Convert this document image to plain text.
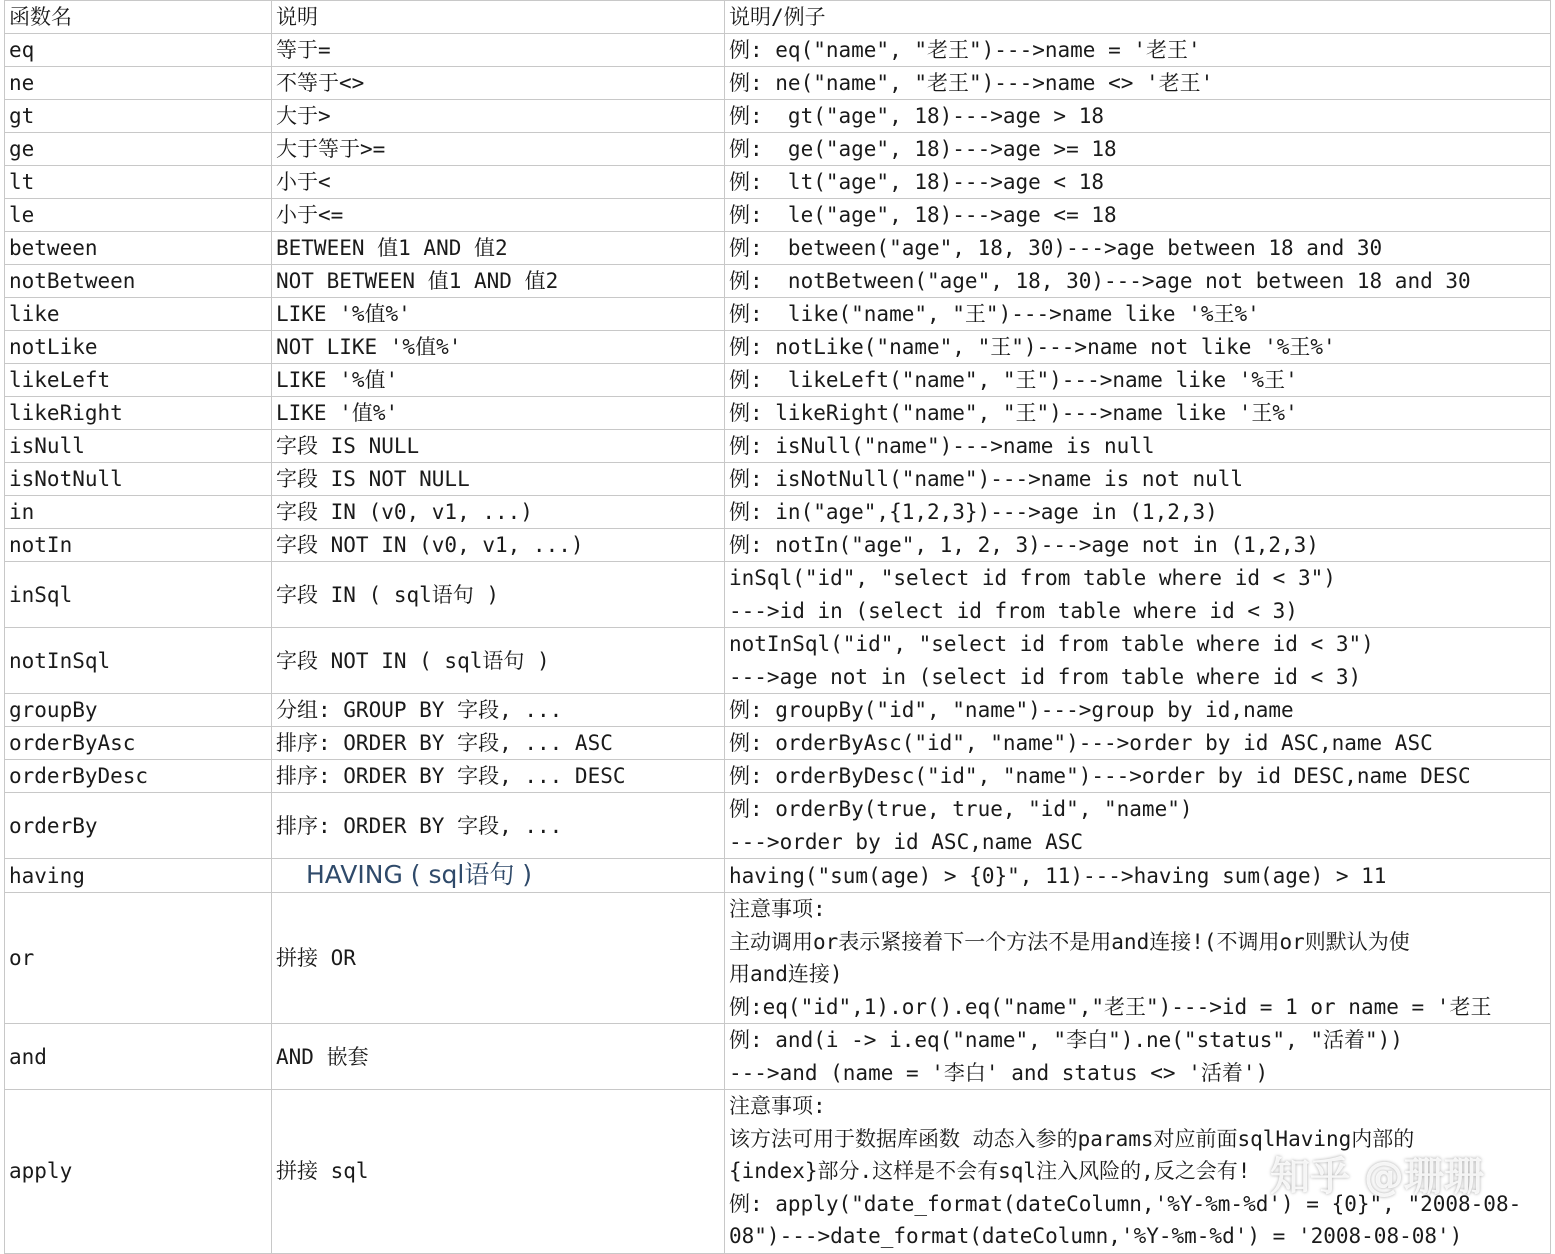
函数名	说明	说明/例子
eq	等于=	例: eq("name", "老王")--->name = '老王'
ne	不等于<>	例: ne("name", "老王")--->name <> '老王'
gt	大于>	例:  gt("age", 18)--->age > 18
ge	大于等于>=	例:  ge("age", 18)--->age >= 18
lt	小于<	例:  lt("age", 18)--->age < 18
le	小于<=	例:  le("age", 18)--->age <= 18
between	BETWEEN 值1 AND 值2	例:  between("age", 18, 30)--->age between 18 and 30
notBetween	NOT BETWEEN 值1 AND 值2	例:  notBetween("age", 18, 30)--->age not between 18 and 30
like	LIKE '%值%'	例:  like("name", "王")--->name like '%王%'
notLike	NOT LIKE '%值%'	例: notLike("name", "王")--->name not like '%王%'
likeLeft	LIKE '%值'	例:  likeLeft("name", "王")--->name like '%王'
likeRight	LIKE '值%'	例: likeRight("name", "王")--->name like '王%'
isNull	字段 IS NULL	例: isNull("name")--->name is null
isNotNull	字段 IS NOT NULL	例: isNotNull("name")--->name is not null
in	字段 IN (v0, v1, ...)	例: in("age",{1,2,3})--->age in (1,2,3)
notIn	字段 NOT IN (v0, v1, ...)	例: notIn("age", 1, 2, 3)--->age not in (1,2,3)
inSql	字段 IN ( sql语句 )	inSql("id", "select id from table where id < 3")
--->id in (select id from table where id < 3)
notInSql	字段 NOT IN ( sql语句 )	notInSql("id", "select id from table where id < 3")
--->age not in (select id from table where id < 3)
groupBy	分组: GROUP BY 字段, ...	例: groupBy("id", "name")--->group by id,name
orderByAsc	排序: ORDER BY 字段, ... ASC	例: orderByAsc("id", "name")--->order by id ASC,name ASC
orderByDesc	排序: ORDER BY 字段, ... DESC	例: orderByDesc("id", "name")--->order by id DESC,name DESC
orderBy	排序: ORDER BY 字段, ...	例: orderBy(true, true, "id", "name")
--->order by id ASC,name ASC
having	HAVING ( sql语句 )	having("sum(age) > {0}", 11)--->having sum(age) > 11
or	拼接 OR	注意事项:
主动调用or表示紧接着下一个方法不是用and连接!(不调用or则默认为使
用and连接)
例:eq("id",1).or().eq("name","老王")--->id = 1 or name = '老王
and	AND 嵌套	例: and(i -> i.eq("name", "李白").ne("status", "活着"))
--->and (name = '李白' and status <> '活着')
apply	拼接 sql	注意事项:
该方法可用于数据库函数 动态入参的params对应前面sqlHaving内部的
{index}部分.这样是不会有sql注入风险的,反之会有!
例: apply("date_format(dateColumn,'%Y-%m-%d') = {0}", "2008-08-
08")--->date_format(dateColumn,'%Y-%m-%d') = '2008-08-08')
知乎 @珊珊
